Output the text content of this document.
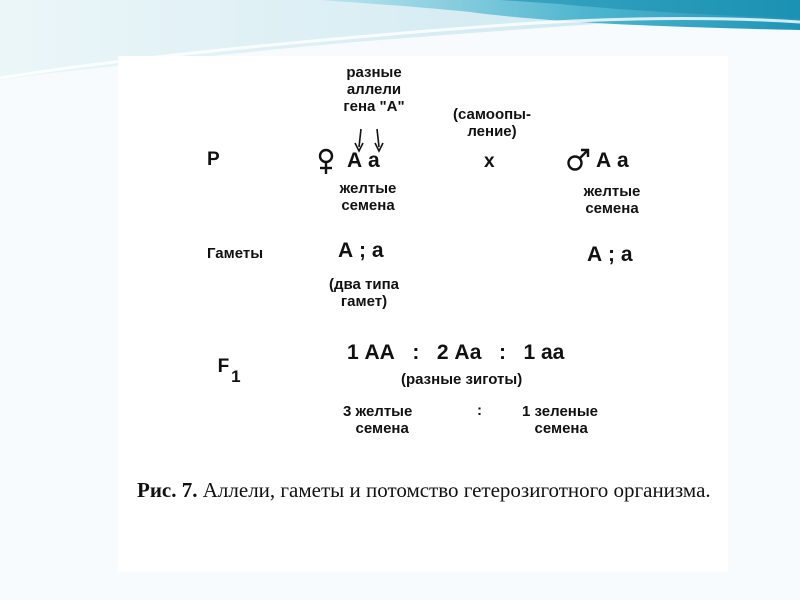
разные
аллели
гена "А"	(самоопы-
ление)
P	А а
желтые
семена
х	А а
желтые
семена
Гаметы	А ; а
(два типа
гамет)
А ; а

F 1

1 АА   :   2 Аа   :   1 аа
(разные зиготы)
3 желтые
семена
:	1 зеленые
семена
Рис. 7. Аллели, гаметы и потомство гетерозиготного организма.
